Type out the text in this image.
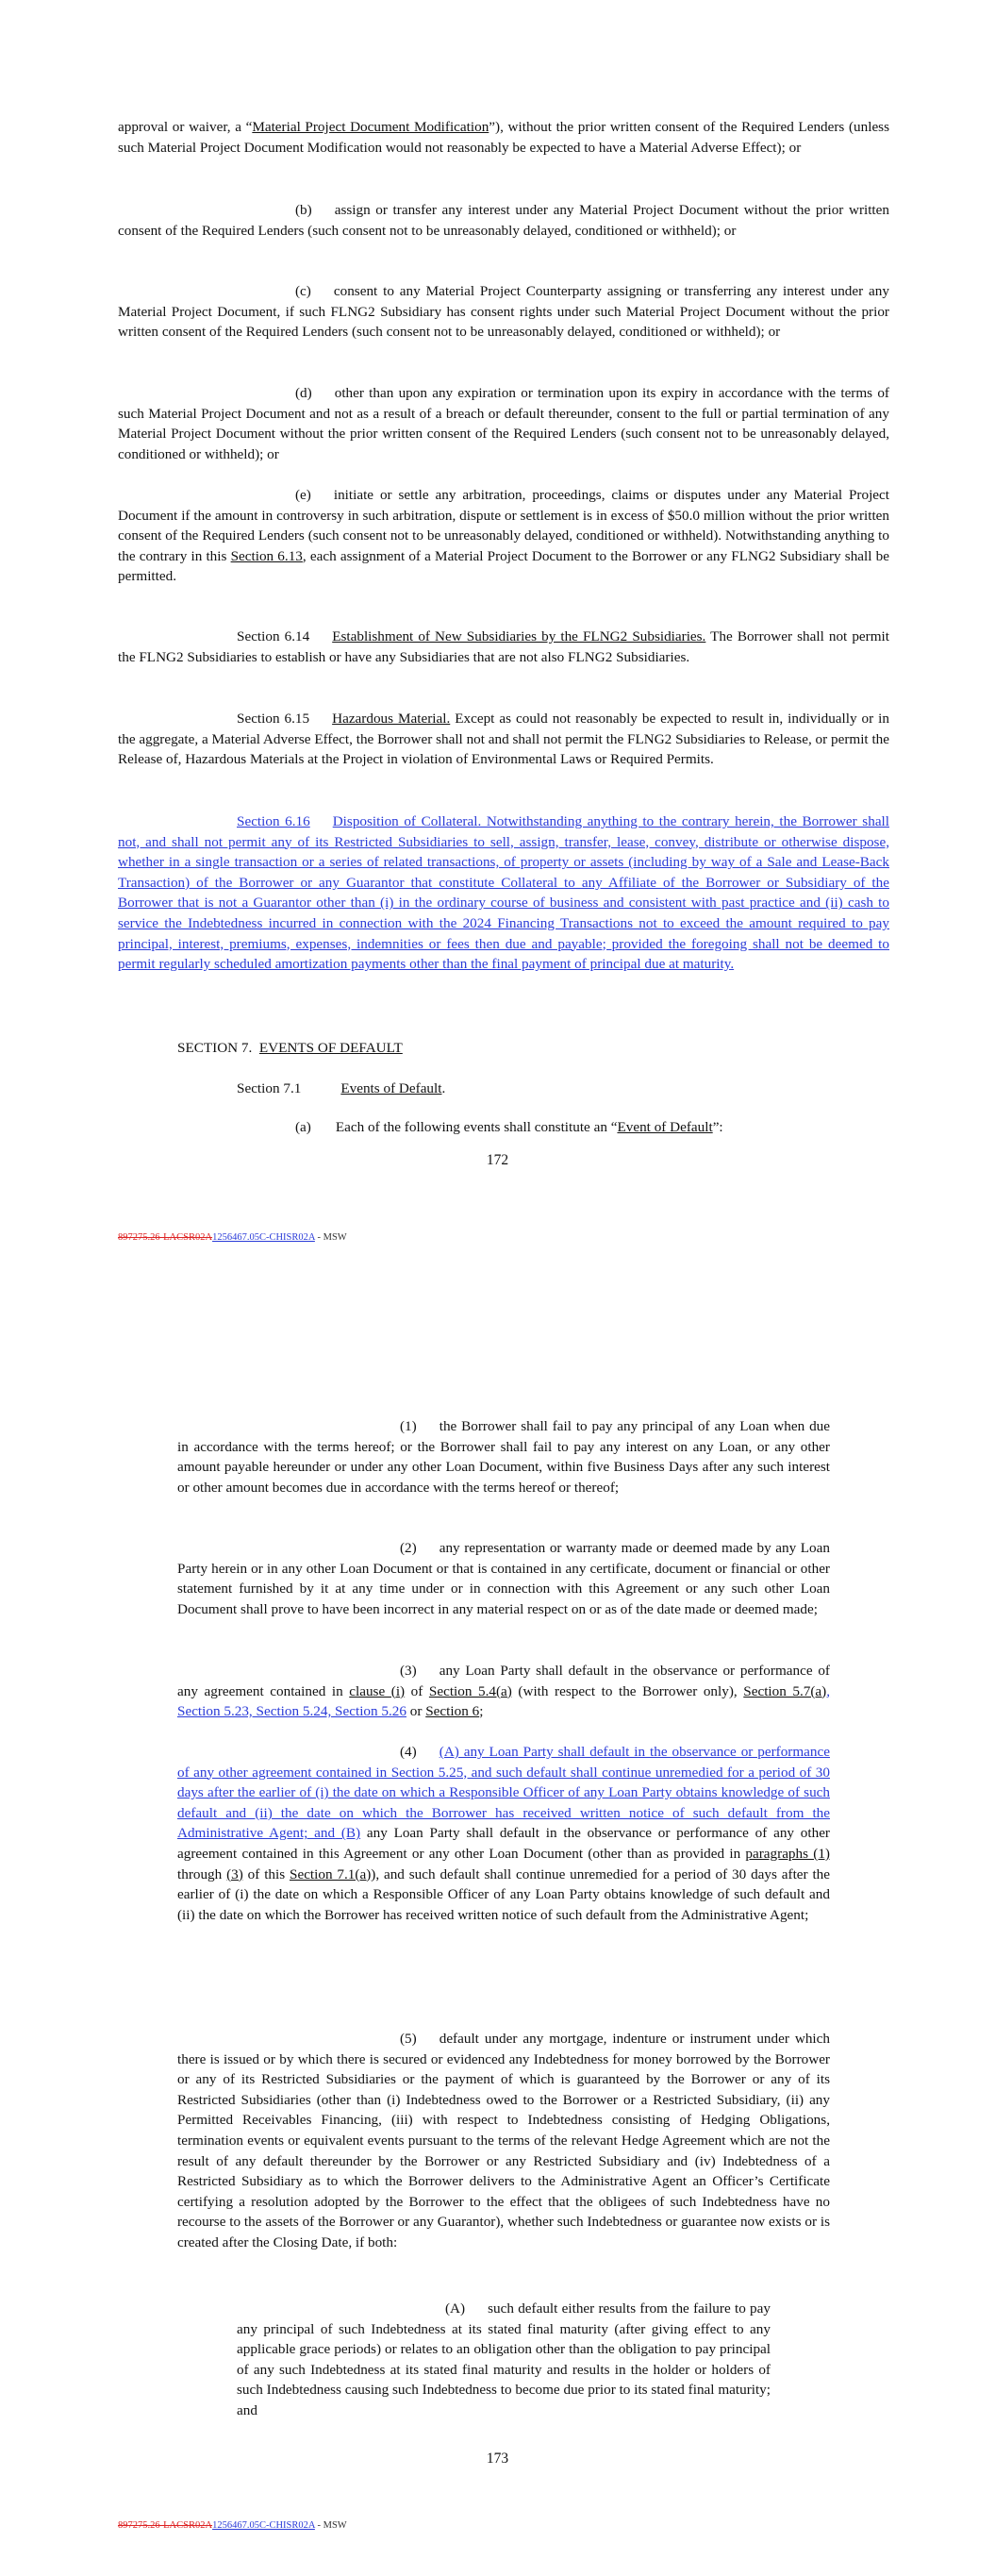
approval or waiver, a “Material Project Document Modification”), without the prior written consent of the Required Lenders (unless such Material Project Document Modification would not reasonably be expected to have a Material Adverse Effect); or

(b) assign or transfer any interest under any Material Project Document without the prior written consent of the Required Lenders (such consent not to be unreasonably delayed, conditioned or withheld); or

(c) consent to any Material Project Counterparty assigning or transferring any interest under any Material Project Document, if such FLNG2 Subsidiary has consent rights under such Material Project Document without the prior written consent of the Required Lenders (such consent not to be unreasonably delayed, conditioned or withheld); or

(d) other than upon any expiration or termination upon its expiry in accordance with the terms of such Material Project Document and not as a result of a breach or default thereunder, consent to the full or partial termination of any Material Project Document without the prior written consent of the Required Lenders (such consent not to be unreasonably delayed, conditioned or withheld); or

(e) initiate or settle any arbitration, proceedings, claims or disputes under any Material Project Document if the amount in controversy in such arbitration, dispute or settlement is in excess of $50.0 million without the prior written consent of the Required Lenders (such consent not to be unreasonably delayed, conditioned or withheld). Notwithstanding anything to the contrary in this Section 6.13, each assignment of a Material Project Document to the Borrower or any FLNG2 Subsidiary shall be permitted.

Section 6.14 Establishment of New Subsidiaries by the FLNG2 Subsidiaries. The Borrower shall not permit the FLNG2 Subsidiaries to establish or have any Subsidiaries that are not also FLNG2 Subsidiaries.

Section 6.15 Hazardous Material. Except as could not reasonably be expected to result in, individually or in the aggregate, a Material Adverse Effect, the Borrower shall not and shall not permit the FLNG2 Subsidiaries to Release, or permit the Release of, Hazardous Materials at the Project in violation of Environmental Laws or Required Permits.

Section 6.16 Disposition of Collateral. Notwithstanding anything to the contrary herein, the Borrower shall not, and shall not permit any of its Restricted Subsidiaries to sell, assign, transfer, lease, convey, distribute or otherwise dispose, whether in a single transaction or a series of related transactions, of property or assets (including by way of a Sale and Lease-Back Transaction) of the Borrower or any Guarantor that constitute Collateral to any Affiliate of the Borrower or Subsidiary of the Borrower that is not a Guarantor other than (i) in the ordinary course of business and consistent with past practice and (ii) cash to service the Indebtedness incurred in connection with the 2024 Financing Transactions not to exceed the amount required to pay principal, interest, premiums, expenses, indemnities or fees then due and payable; provided the foregoing shall not be deemed to permit regularly scheduled amortization payments other than the final payment of principal due at maturity.

SECTION 7. EVENTS OF DEFAULT

Section 7.1	Events of Default.

(a) Each of the following events shall constitute an “Event of Default”:

172
897275.26-LACSR02A1256467.05C-CHISR02A - MSW

(1) the Borrower shall fail to pay any principal of any Loan when due in accordance with the terms hereof; or the Borrower shall fail to pay any interest on any Loan, or any other amount payable hereunder or under any other Loan Document, within five Business Days after any such interest or other amount becomes due in accordance with the terms hereof or thereof;

(2) any representation or warranty made or deemed made by any Loan Party herein or in any other Loan Document or that is contained in any certificate, document or financial or other statement furnished by it at any time under or in connection with this Agreement or any such other Loan Document shall prove to have been incorrect in any material respect on or as of the date made or deemed made;

(3) any Loan Party shall default in the observance or performance of any agreement contained in clause (i) of Section 5.4(a) (with respect to the Borrower only), Section 5.7(a), Section 5.23, Section 5.24, Section 5.26 or Section 6;

(4) (A) any Loan Party shall default in the observance or performance of any other agreement contained in Section 5.25, and such default shall continue unremedied for a period of 30 days after the earlier of (i) the date on which a Responsible Officer of any Loan Party obtains knowledge of such default and (ii) the date on which the Borrower has received written notice of such default from the Administrative Agent; and (B) any Loan Party shall default in the observance or performance of any other agreement contained in this Agreement or any other Loan Document (other than as provided in paragraphs (1) through (3) of this Section 7.1(a)), and such default shall continue unremedied for a period of 30 days after the earlier of (i) the date on which a Responsible Officer of any Loan Party obtains knowledge of such default and (ii) the date on which the Borrower has received written notice of such default from the Administrative Agent;

(5) default under any mortgage, indenture or instrument under which there is issued or by which there is secured or evidenced any Indebtedness for money borrowed by the Borrower or any of its Restricted Subsidiaries or the payment of which is guaranteed by the Borrower or any of its Restricted Subsidiaries (other than (i) Indebtedness owed to the Borrower or a Restricted Subsidiary, (ii) any Permitted Receivables Financing, (iii) with respect to Indebtedness consisting of Hedging Obligations, termination events or equivalent events pursuant to the terms of the relevant Hedge Agreement which are not the result of any default thereunder by the Borrower or any Restricted Subsidiary and (iv) Indebtedness of a Restricted Subsidiary as to which the Borrower delivers to the Administrative Agent an Officer’s Certificate certifying a resolution adopted by the Borrower to the effect that the obligees of such Indebtedness have no recourse to the assets of the Borrower or any Guarantor), whether such Indebtedness or guarantee now exists or is created after the Closing Date, if both:

(A) such default either results from the failure to pay any principal of such Indebtedness at its stated final maturity (after giving effect to any applicable grace periods) or relates to an obligation other than the obligation to pay principal of any such Indebtedness at its stated final maturity and results in the holder or holders of such Indebtedness causing such Indebtedness to become due prior to its stated final maturity; and

173
897275.26-LACSR02A1256467.05C-CHISR02A - MSW
